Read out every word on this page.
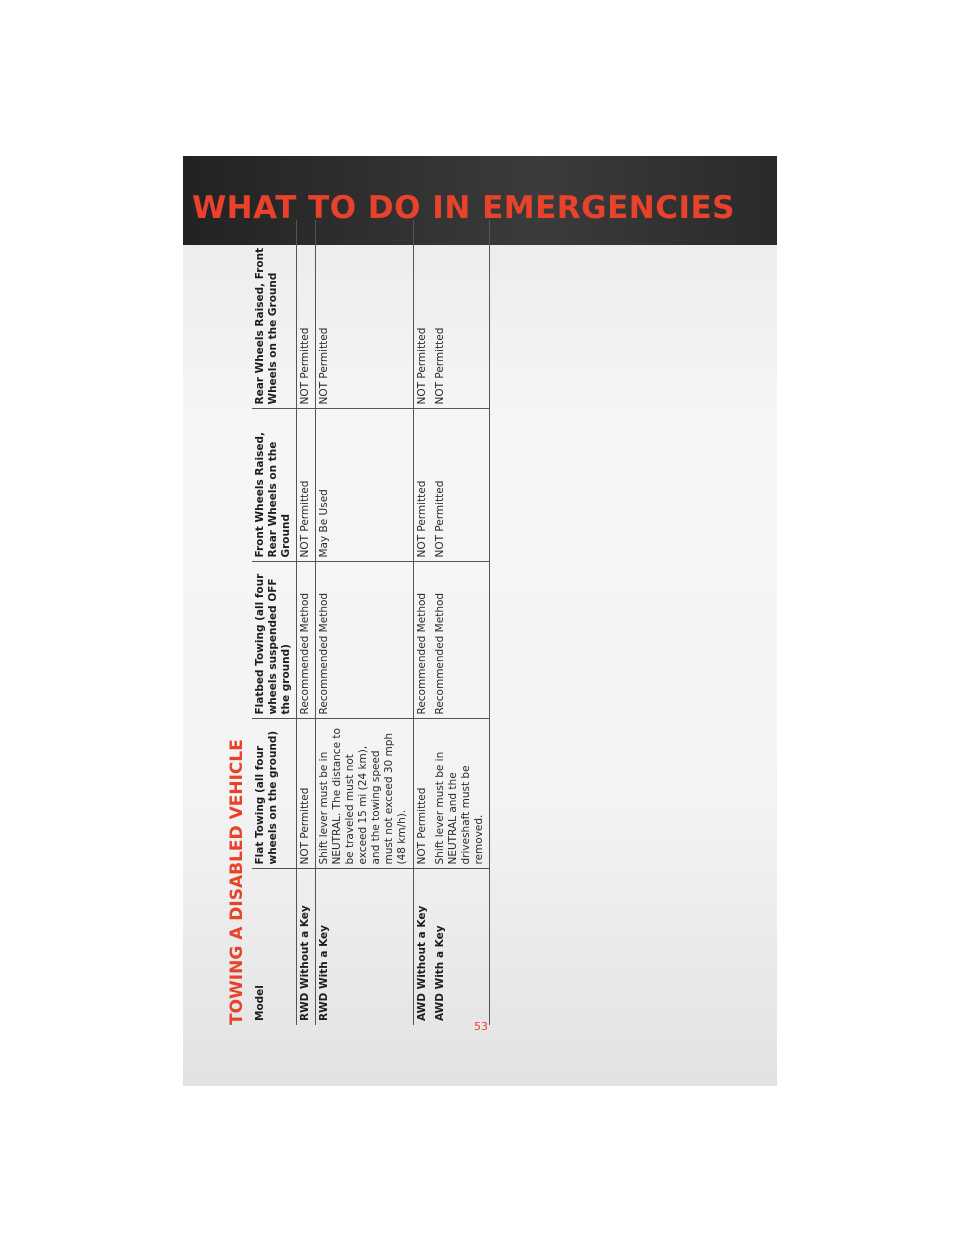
WHAT TO DO IN EMERGENCIES
TOWING A DISABLED VEHICLE Model	Flat Towing (all four wheels on the ground)	Flatbed Towing (all four wheels suspended OFF the ground)	Front Wheels Raised, Rear Wheels on the Ground	Rear Wheels Raised, Front Wheels on the Ground
RWD Without a Key	NOT Permitted	Recommended Method	NOT Permitted	NOT Permitted
RWD With a Key	Shift lever must be in NEUTRAL. The distance to be traveled must not exceed 15 mi (24 km), and the towing speed must not exceed 30 mph (48 km/h).	Recommended Method	May Be Used	NOT Permitted
AWD Without a Key	NOT Permitted	Recommended Method	NOT Permitted	NOT Permitted
AWD With a Key	Shift lever must be in NEUTRAL and the driveshaft must be removed.	Recommended Method	NOT Permitted	NOT Permitted
53
